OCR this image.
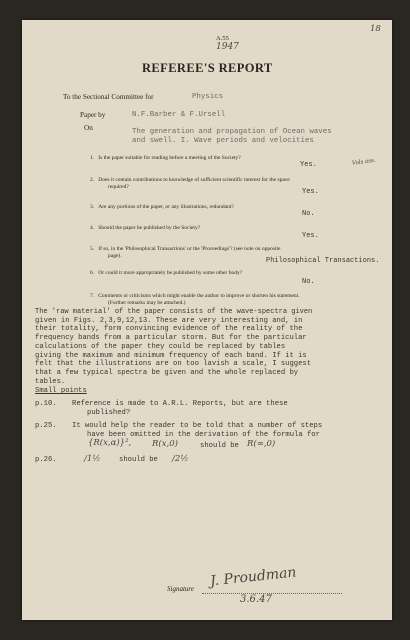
A.55
1947
18
REFEREE'S REPORT
To the Sectional Committee for	Physics
Paper by	N.F.Barber & F.Ursell
On	The generation and propagation of Ocean waves
and swell. I. Wave periods and velocities
1. Is the paper suitable for reading before a meeting of the Society?
Yes.	Vols ass.
2. Does it contain contributions to knowledge of sufficient scientific interest for the space
required?
Yes.
3. Are any portions of the paper, or any illustrations, redundant?
No.
4. Should the paper be published by the Society?
Yes.
5. If so, in the 'Philosophical Transactions' or the 'Proceedings'? (see note on opposite
page).
Philosophical Transactions.
6. Or could it more appropriately be published by some other body?
No.
7. Comments or criticisms which might enable the author to improve or shorten his statement.
(Further remarks may be attached.)
The 'raw material' of the paper consists of the wave-spectra given
given in Figs. 2,3,9,12,13. These are very interesting and, in
their totality, form convincing evidence of the reality of the
frequency bands from a particular storm. But for the particular
calculations of the paper they could be replaced by tables
giving the maximum and minimum frequency of each band. If it is
felt that the illustrations are on too lavish a scale, I suggest
that a few typical spectra be given and the whole replaced by
tables.
Small points
p.10. Reference is made to A.R.L. Reports, but are these
published?
p.25. It would help the reader to be told that a number of steps
have been omitted in the derivation of the formula for
{R(x,α)}², R(x,0)	should be R(∞,0)
p.26.	/1½	should be /2½
Signature J. Proudman
3.6.47
